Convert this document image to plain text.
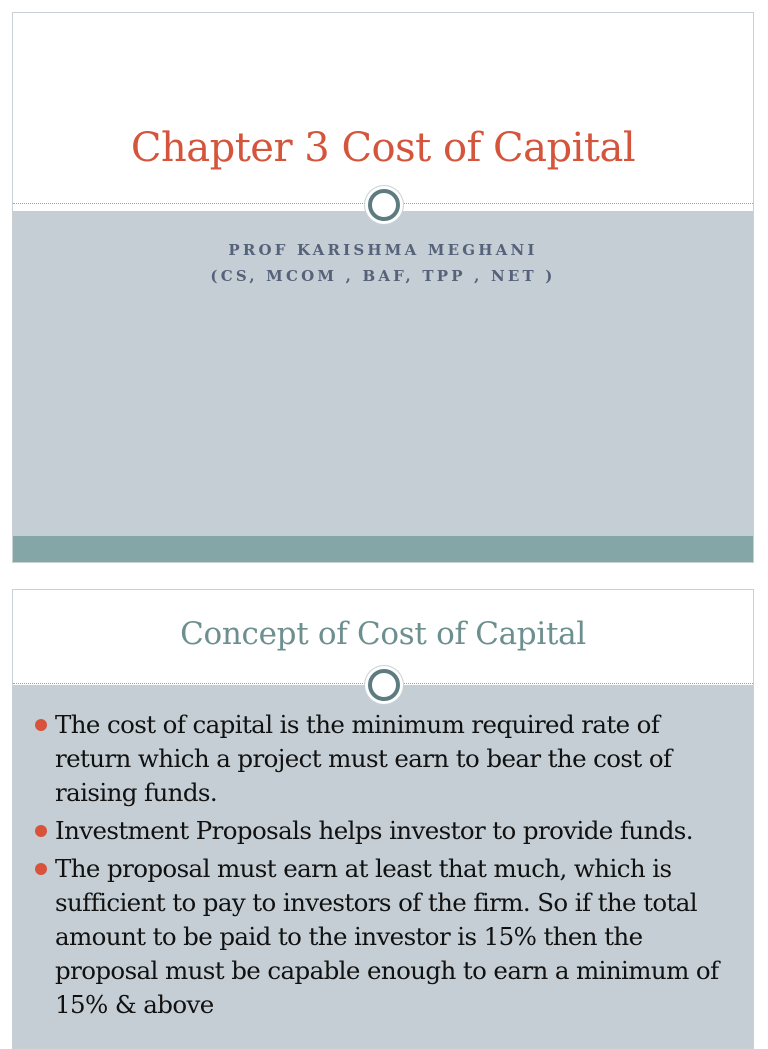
Chapter 3 Cost of Capital
PROF KARISHMA MEGHANI
(CS, MCOM , BAF, TPP , NET )
Concept of Cost of Capital
The cost of capital is the minimum required rate of return which a project must earn to bear the cost of raising funds.
Investment Proposals helps investor to provide funds.
The proposal must earn at least that much, which is sufficient to pay to investors of the firm. So if the total amount to be paid to the investor is 15% then the proposal must be capable enough to earn a minimum of 15% & above
